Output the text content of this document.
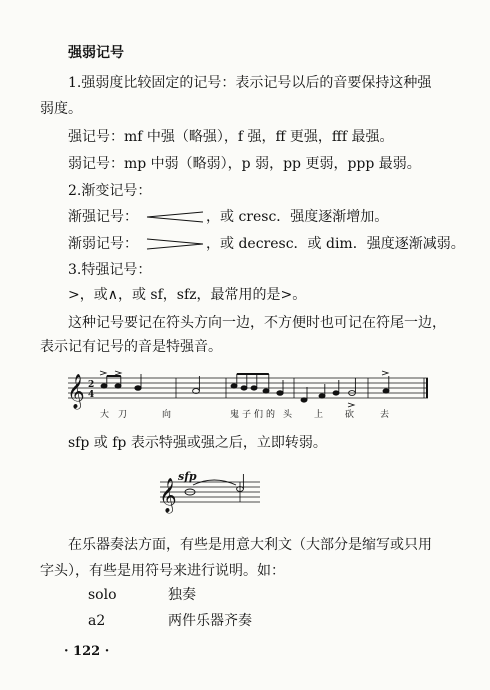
强弱记号
1.强弱度比较固定的记号：表示记号以后的音要保持这种强
弱度。
强记号：mf 中强（略强），f 强，ff 更强，fff 最强。
弱记号：mp 中弱（略弱），p 弱，pp 更弱，ppp 最弱。
2.渐变记号：
渐强记号：	，或 cresc．强度逐渐增加。
渐弱记号：	，或 decresc．或 dim．强度逐渐减弱。
3.特强记号：
>，或∧，或 sf，sfz，最常用的是>。
这种记号要记在符头方向一边，不方便时也可记在符尾一边，
表示记有记号的音是特强音。
𝄞 2
4
大 刀	向	鬼 子 们 的 头 上 砍	去
sfp 或 fp 表示特强或强之后，立即转弱。
𝄞
sfp
在乐器奏法方面，有些是用意大利文（大部分是缩写或只用
字头），有些是用符号来进行说明。如：
solo	独奏
a2	两件乐器齐奏
· 122 ·
